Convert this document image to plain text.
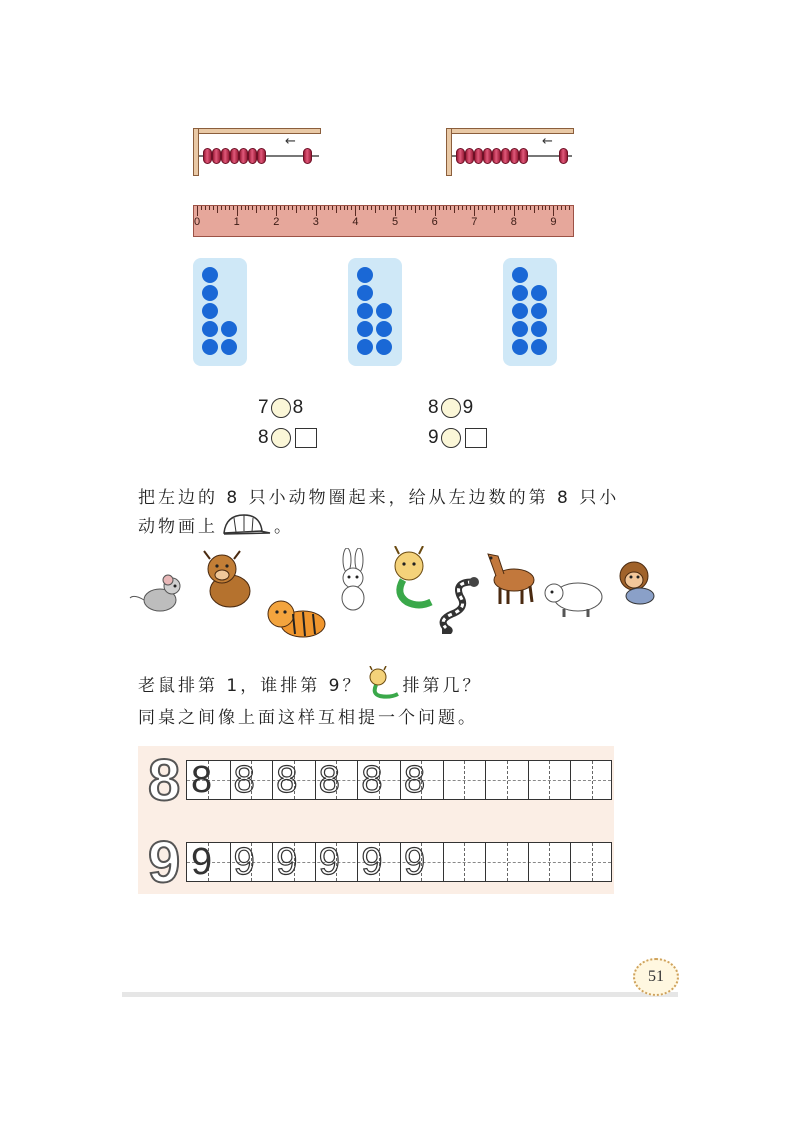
←	←
0	1	2	3	4	5	6	7	8	9
7 8	8 9
8	9
把左边的 8 只小动物圈起来，给从左边数的第 8 只小
动物画上	。
老鼠排第 1，谁排第 9？ 排第几？
同桌之间像上面这样互相提一个问题。
8 8 8 8 8 8 8
9 9 9 9 9 9 9
51
